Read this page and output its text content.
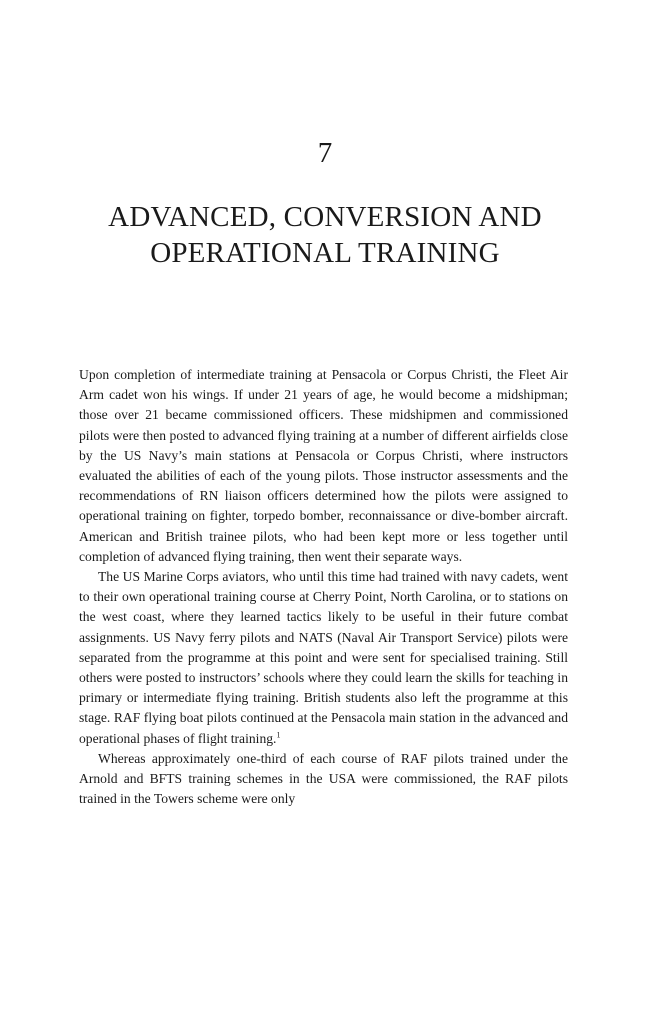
7
ADVANCED, CONVERSION AND
OPERATIONAL TRAINING

Upon completion of intermediate training at Pensacola or Corpus Christi, the Fleet Air Arm cadet won his wings. If under 21 years of age, he would become a midshipman; those over 21 became commissioned officers. These midshipmen and commissioned pilots were then posted to advanced flying training at a number of different airfields close by the US Navy’s main stations at Pensacola or Corpus Christi, where instructors evaluated the abilities of each of the young pilots. Those instructor assessments and the recommendations of RN liaison officers determined how the pilots were assigned to operational training on fighter, torpedo bomber, reconnaissance or dive-bomber aircraft. American and British trainee pilots, who had been kept more or less together until completion of advanced flying training, then went their separate ways.

The US Marine Corps aviators, who until this time had trained with navy cadets, went to their own operational training course at Cherry Point, North Carolina, or to stations on the west coast, where they learned tactics likely to be useful in their future combat assignments. US Navy ferry pilots and NATS (Naval Air Transport Service) pilots were separated from the programme at this point and were sent for specialised training. Still others were posted to instructors’ schools where they could learn the skills for teaching in primary or intermediate flying training. British students also left the programme at this stage. RAF flying boat pilots continued at the Pensacola main station in the advanced and operational phases of flight training.$^1$

Whereas approximately one-third of each course of RAF pilots trained under the Arnold and BFTS training schemes in the USA were commissioned, the RAF pilots trained in the Towers scheme were only
